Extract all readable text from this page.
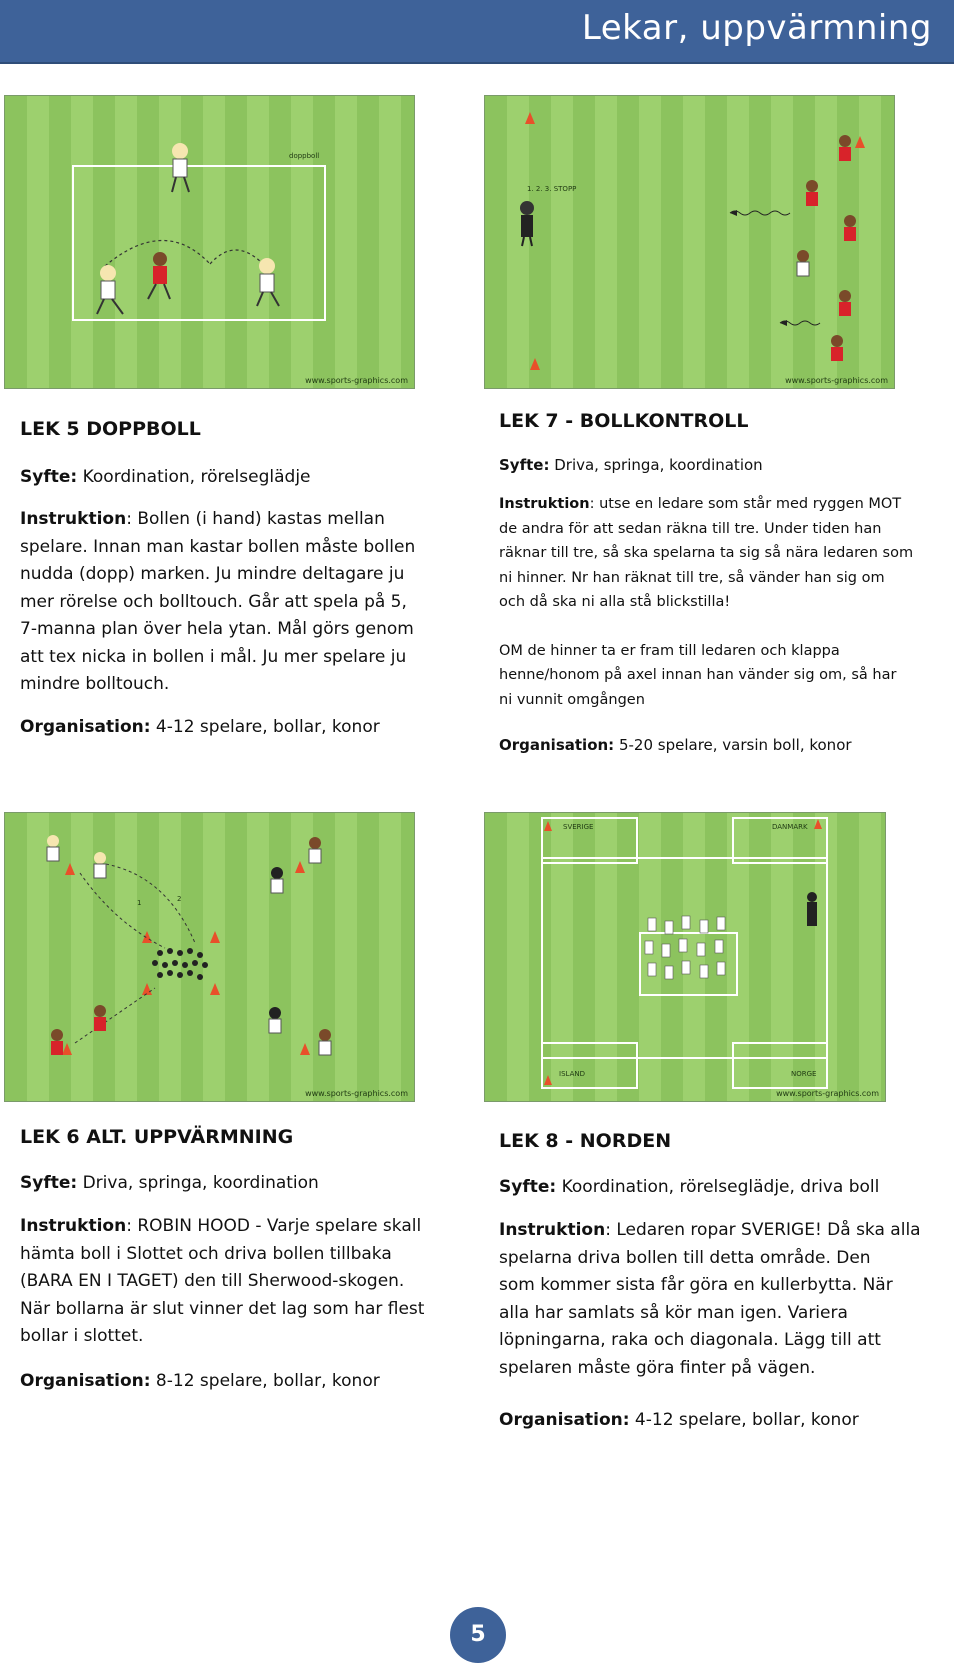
Lekar, uppvärmning
doppboll
www.sports-graphics.com
1. 2. 3. STOPP
www.sports-graphics.com

LEK 5 DOPPBOLL

Syfte: Koordination, rörelseglädje

Instruktion: Bollen (i hand) kastas mellan
spelare. Innan man kastar bollen måste bollen
nudda (dopp) marken. Ju mindre deltagare ju
mer rörelse och bolltouch. Går att spela på 5,
7-manna plan över hela ytan. Mål görs genom
att tex nicka in bollen i mål. Ju mer spelare ju
mindre bolltouch.

Organisation: 4-12 spelare, bollar, konor

LEK 7 - BOLLKONTROLL

Syfte: Driva, springa, koordination

Instruktion: utse en ledare som står med ryggen MOT
de andra för att sedan räkna till tre. Under tiden han
räknar till tre, så ska spelarna ta sig så nära ledaren som
ni hinner. Nr han räknat till tre, så vänder han sig om
och då ska ni alla stå blickstilla!
OM de hinner ta er fram till ledaren och klappa
henne/honom på axel innan han vänder sig om, så har
ni vunnit omgången

Organisation: 5-20 spelare, varsin boll, konor

1	2
www.sports-graphics.com
SVERIGE	DANMARK
ISLAND	NORGE
www.sports-graphics.com

LEK 6 ALT. UPPVÄRMNING

Syfte: Driva, springa, koordination

Instruktion: ROBIN HOOD - Varje spelare skall
hämta boll i Slottet och driva bollen tillbaka
(BARA EN I TAGET) den till Sherwood-skogen.
När bollarna är slut vinner det lag som har flest
bollar i slottet.

Organisation: 8-12 spelare, bollar, konor

LEK 8 - NORDEN

Syfte: Koordination, rörelseglädje, driva boll

Instruktion: Ledaren ropar SVERIGE! Då ska alla
spelarna driva bollen till detta område. Den
som kommer sista får göra en kullerbytta. När
alla har samlats så kör man igen. Variera
löpningarna, raka och diagonala. Lägg till att
spelaren måste göra finter på vägen.

Organisation: 4-12 spelare, bollar, konor

5
